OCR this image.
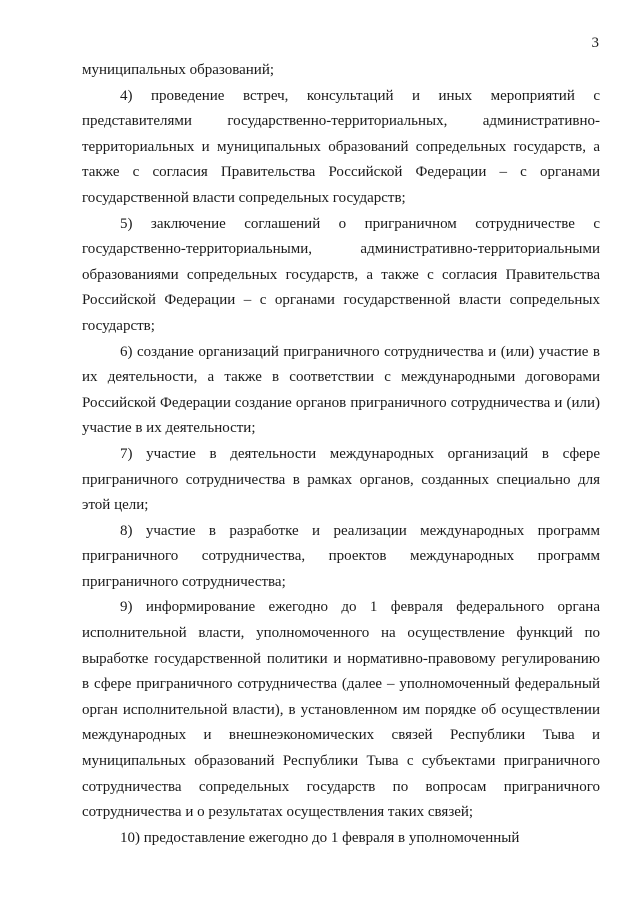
3

муниципальных образований;

4) проведение встреч, консультаций и иных мероприятий с представителями государственно-территориальных, административно-территориальных и муниципальных образований сопредельных государств, а также с согласия Правительства Российской Федерации – с органами государственной власти сопредельных государств;

5) заключение соглашений о приграничном сотрудничестве с государственно-территориальными, административно-территориальными образованиями сопредельных государств, а также с согласия Правительства Российской Федерации – с органами государственной власти сопредельных государств;

6) создание организаций приграничного сотрудничества и (или) участие в их деятельности, а также в соответствии с международными договорами Российской Федерации создание органов приграничного сотрудничества и (или) участие в их деятельности;

7) участие в деятельности международных организаций в сфере приграничного сотрудничества в рамках органов, созданных специально для этой цели;

8) участие в разработке и реализации международных программ приграничного сотрудничества, проектов международных программ приграничного сотрудничества;

9) информирование ежегодно до 1 февраля федерального органа исполнительной власти, уполномоченного на осуществление функций по выработке государственной политики и нормативно-правовому регулированию в сфере приграничного сотрудничества (далее – уполномоченный федеральный орган исполнительной власти), в установленном им порядке об осуществлении международных и внешнеэкономических связей Республики Тыва и муниципальных образований Республики Тыва с субъектами приграничного сотрудничества сопредельных государств по вопросам приграничного сотрудничества и о результатах осуществления таких связей;

10) предоставление ежегодно до 1 февраля в уполномоченный
